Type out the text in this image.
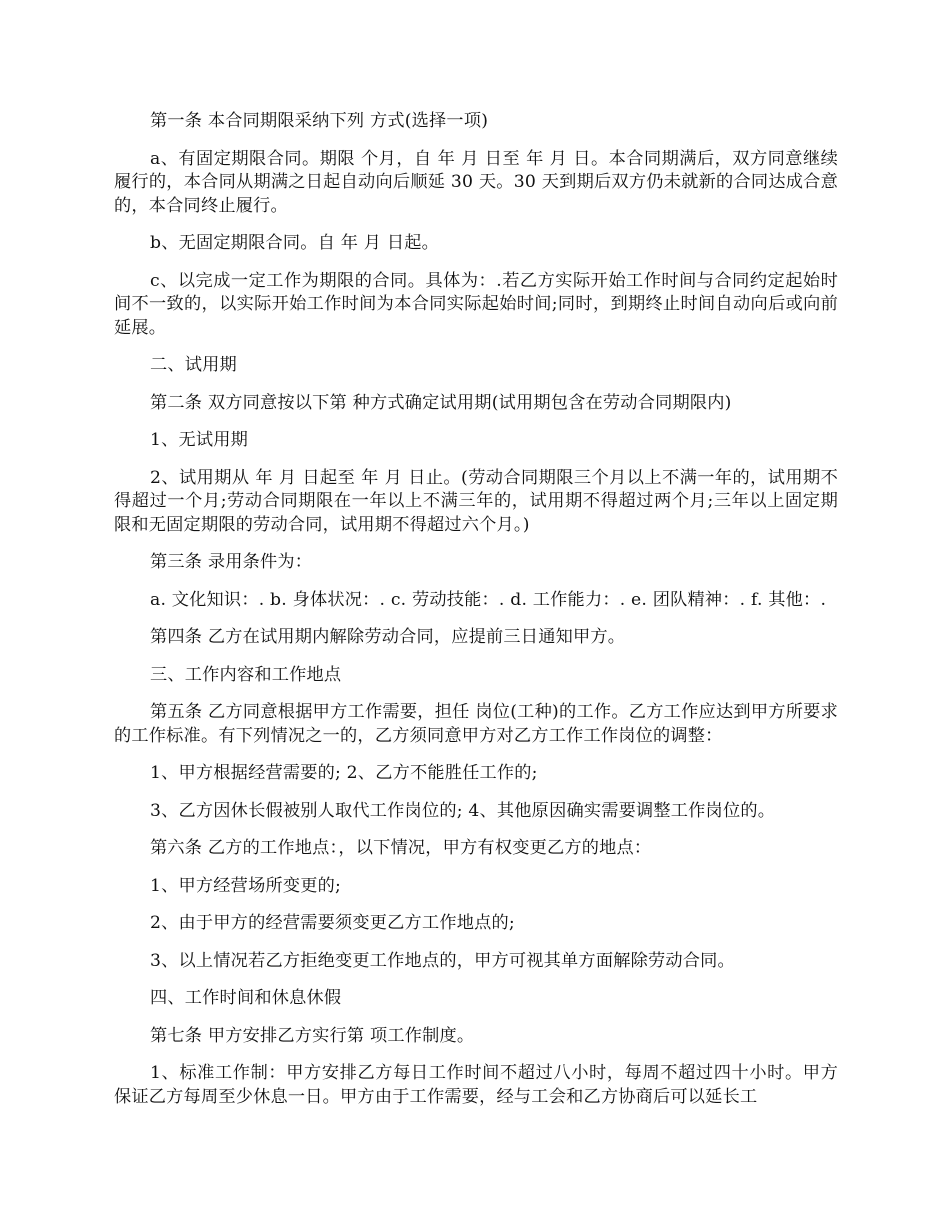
第一条 本合同期限采纳下列 方式(选择一项)

a、有固定期限合同。期限 个月，自 年 月 日至 年 月 日。本合同期满后，双方同意继续履行的，本合同从期满之日起自动向后顺延 30 天。30 天到期后双方仍未就新的合同达成合意的，本合同终止履行。

b、无固定期限合同。自 年 月 日起。

c、以完成一定工作为期限的合同。具体为：.若乙方实际开始工作时间与合同约定起始时间不一致的，以实际开始工作时间为本合同实际起始时间;同时，到期终止时间自动向后或向前延展。

二、试用期

第二条 双方同意按以下第 种方式确定试用期(试用期包含在劳动合同期限内)

1、无试用期

2、试用期从 年 月 日起至 年 月 日止。(劳动合同期限三个月以上不满一年的，试用期不得超过一个月;劳动合同期限在一年以上不满三年的，试用期不得超过两个月;三年以上固定期限和无固定期限的劳动合同，试用期不得超过六个月。)

第三条 录用条件为：

a. 文化知识：. b. 身体状况：. c. 劳动技能：. d. 工作能力：. e. 团队精神：. f. 其他：.

第四条 乙方在试用期内解除劳动合同，应提前三日通知甲方。

三、工作内容和工作地点

第五条 乙方同意根据甲方工作需要，担任 岗位(工种)的工作。乙方工作应达到甲方所要求的工作标准。有下列情况之一的，乙方须同意甲方对乙方工作工作岗位的调整：

1、甲方根据经营需要的; 2、乙方不能胜任工作的;

3、乙方因休长假被别人取代工作岗位的; 4、其他原因确实需要调整工作岗位的。

第六条 乙方的工作地点：，以下情况，甲方有权变更乙方的地点：

1、甲方经营场所变更的;

2、由于甲方的经营需要须变更乙方工作地点的;

3、以上情况若乙方拒绝变更工作地点的，甲方可视其单方面解除劳动合同。

四、工作时间和休息休假

第七条 甲方安排乙方实行第 项工作制度。

1、标准工作制：甲方安排乙方每日工作时间不超过八小时，每周不超过四十小时。甲方保证乙方每周至少休息一日。甲方由于工作需要，经与工会和乙方协商后可以延长工
